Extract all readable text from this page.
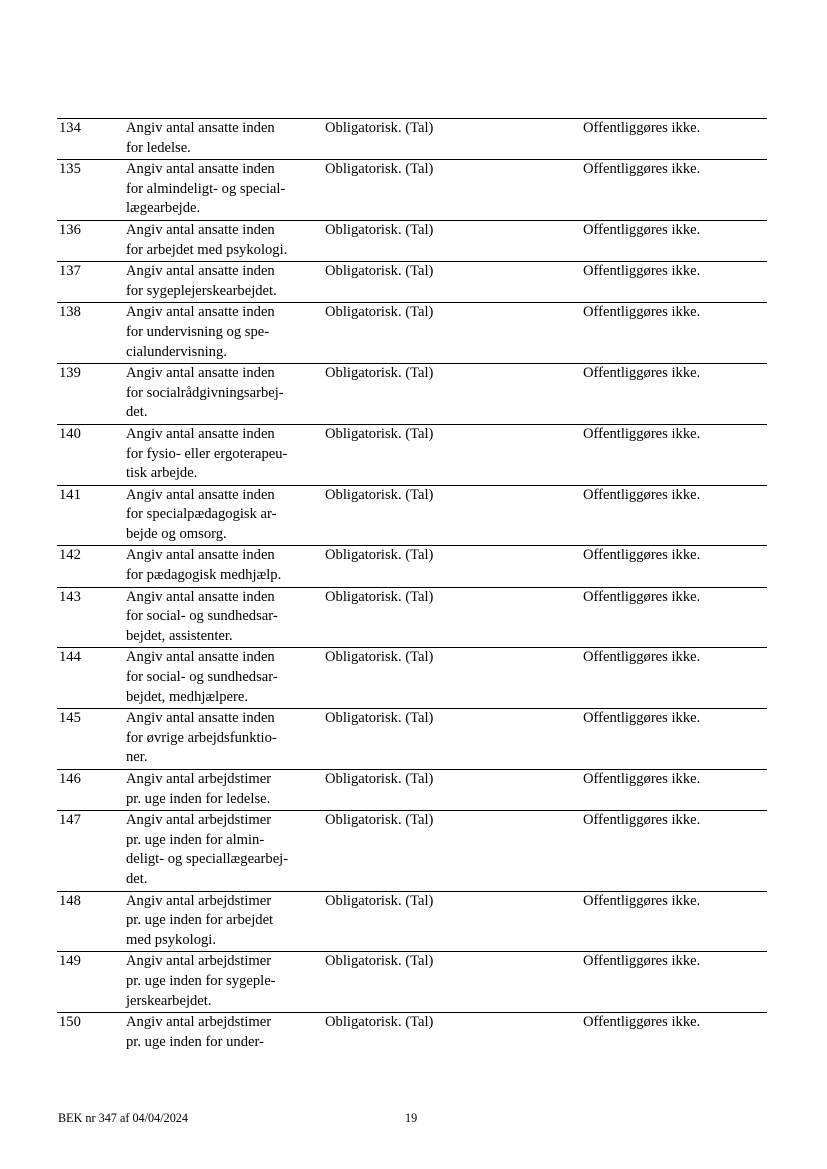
134	Angiv antal ansatte inden
for ledelse.	Obligatorisk. (Tal)	Offentliggøres ikke.
135	Angiv antal ansatte inden
for almindeligt- og special-
lægearbejde.	Obligatorisk. (Tal)	Offentliggøres ikke.
136	Angiv antal ansatte inden
for arbejdet med psykologi.	Obligatorisk. (Tal)	Offentliggøres ikke.
137	Angiv antal ansatte inden
for sygeplejerskearbejdet.	Obligatorisk. (Tal)	Offentliggøres ikke.
138	Angiv antal ansatte inden
for undervisning og spe-
cialundervisning.	Obligatorisk. (Tal)	Offentliggøres ikke.
139	Angiv antal ansatte inden
for socialrådgivningsarbej-
det.	Obligatorisk. (Tal)	Offentliggøres ikke.
140	Angiv antal ansatte inden
for fysio- eller ergoterapeu-
tisk arbejde.	Obligatorisk. (Tal)	Offentliggøres ikke.
141	Angiv antal ansatte inden
for specialpædagogisk ar-
bejde og omsorg.	Obligatorisk. (Tal)	Offentliggøres ikke.
142	Angiv antal ansatte inden
for pædagogisk medhjælp.	Obligatorisk. (Tal)	Offentliggøres ikke.
143	Angiv antal ansatte inden
for social- og sundhedsar-
bejdet, assistenter.	Obligatorisk. (Tal)	Offentliggøres ikke.
144	Angiv antal ansatte inden
for social- og sundhedsar-
bejdet, medhjælpere.	Obligatorisk. (Tal)	Offentliggøres ikke.
145	Angiv antal ansatte inden
for øvrige arbejdsfunktio-
ner.	Obligatorisk. (Tal)	Offentliggøres ikke.
146	Angiv antal arbejdstimer
pr. uge inden for ledelse.	Obligatorisk. (Tal)	Offentliggøres ikke.
147	Angiv antal arbejdstimer
pr. uge inden for almin-
deligt- og speciallægearbej-
det.	Obligatorisk. (Tal)	Offentliggøres ikke.
148	Angiv antal arbejdstimer
pr. uge inden for arbejdet
med psykologi.	Obligatorisk. (Tal)	Offentliggøres ikke.
149	Angiv antal arbejdstimer
pr. uge inden for sygeple-
jerskearbejdet.	Obligatorisk. (Tal)	Offentliggøres ikke.
150	Angiv antal arbejdstimer
pr. uge inden for under-	Obligatorisk. (Tal)	Offentliggøres ikke.
BEK nr 347 af 04/04/2024	19
